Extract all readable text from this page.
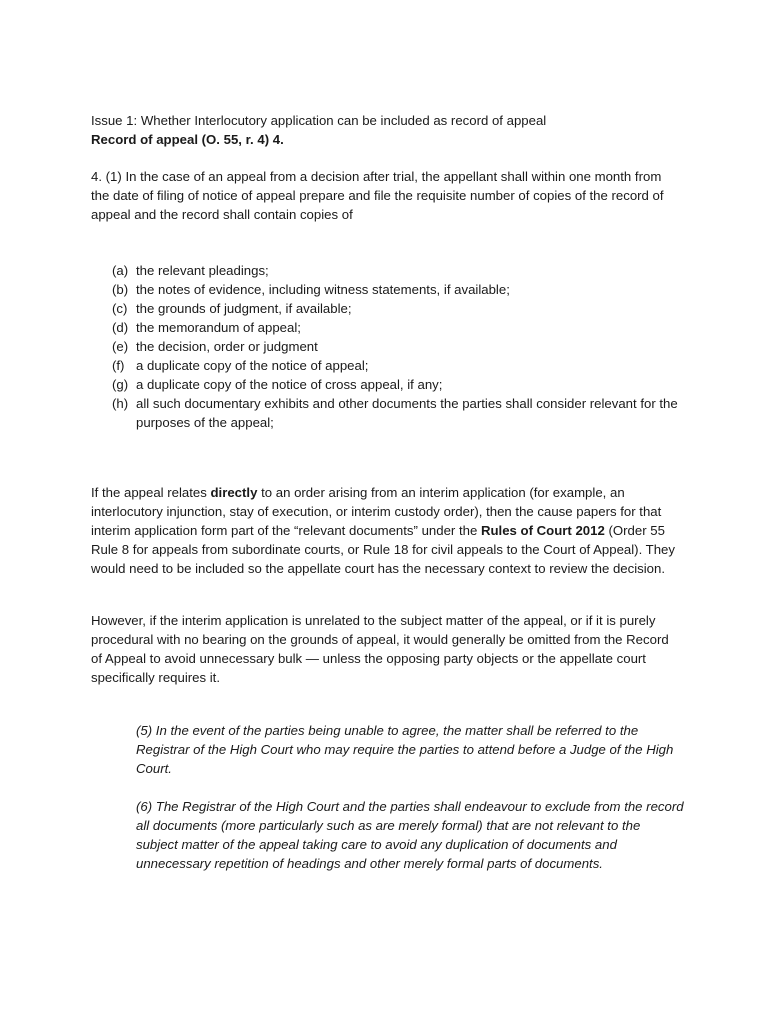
Issue 1: Whether Interlocutory application can be included as record of appeal

Record of appeal (O. 55, r. 4) 4.

4. (1) In the case of an appeal from a decision after trial, the appellant shall within one month from the date of filing of notice of appeal prepare and file the requisite number of copies of the record of appeal and the record shall contain copies of

(a) the relevant pleadings;
(b) the notes of evidence, including witness statements, if available;
(c) the grounds of judgment, if available;
(d) the memorandum of appeal;
(e) the decision, order or judgment
(f) a duplicate copy of the notice of appeal;
(g) a duplicate copy of the notice of cross appeal, if any;
(h) all such documentary exhibits and other documents the parties shall consider relevant for the purposes of the appeal;

If the appeal relates directly to an order arising from an interim application (for example, an interlocutory injunction, stay of execution, or interim custody order), then the cause papers for that interim application form part of the “relevant documents” under the Rules of Court 2012 (Order 55 Rule 8 for appeals from subordinate courts, or Rule 18 for civil appeals to the Court of Appeal). They would need to be included so the appellate court has the necessary context to review the decision.

However, if the interim application is unrelated to the subject matter of the appeal, or if it is purely procedural with no bearing on the grounds of appeal, it would generally be omitted from the Record of Appeal to avoid unnecessary bulk — unless the opposing party objects or the appellate court specifically requires it.

(5) In the event of the parties being unable to agree, the matter shall be referred to the Registrar of the High Court who may require the parties to attend before a Judge of the High Court.

(6) The Registrar of the High Court and the parties shall endeavour to exclude from the record all documents (more particularly such as are merely formal) that are not relevant to the subject matter of the appeal taking care to avoid any duplication of documents and unnecessary repetition of headings and other merely formal parts of documents.
